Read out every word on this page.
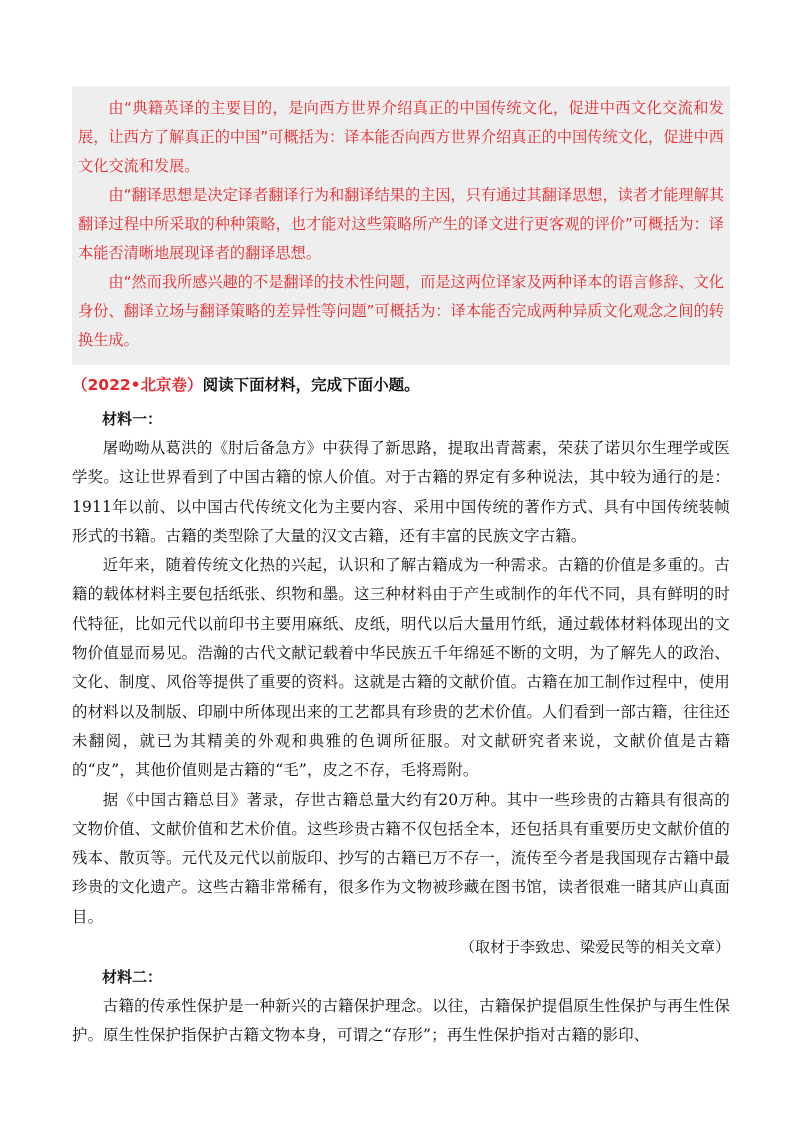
由“典籍英译的主要目的，是向西方世界介绍真正的中国传统文化，促进中西文化交流和发展，让西方了解真正的中国”可概括为：译本能否向西方世界介绍真正的中国传统文化，促进中西文化交流和发展。

由“翻译思想是决定译者翻译行为和翻译结果的主因，只有通过其翻译思想，读者才能理解其翻译过程中所采取的种种策略，也才能对这些策略所产生的译文进行更客观的评价”可概括为：译本能否清晰地展现译者的翻译思想。

由“然而我所感兴趣的不是翻译的技术性问题，而是这两位译家及两种译本的语言修辞、文化身份、翻译立场与翻译策略的差异性等问题”可概括为：译本能否完成两种异质文化观念之间的转换生成。

（2022•北京卷）阅读下面材料，完成下面小题。

材料一：

屠呦呦从葛洪的《肘后备急方》中获得了新思路，提取出青蒿素，荣获了诺贝尔生理学或医学奖。这让世界看到了中国古籍的惊人价值。对于古籍的界定有多种说法，其中较为通行的是：1911年以前、以中国古代传统文化为主要内容、采用中国传统的著作方式、具有中国传统装帧形式的书籍。古籍的类型除了大量的汉文古籍，还有丰富的民族文字古籍。

近年来，随着传统文化热的兴起，认识和了解古籍成为一种需求。古籍的价值是多重的。古籍的载体材料主要包括纸张、织物和墨。这三种材料由于产生或制作的年代不同，具有鲜明的时代特征，比如元代以前印书主要用麻纸、皮纸，明代以后大量用竹纸，通过载体材料体现出的文物价值显而易见。浩瀚的古代文献记载着中华民族五千年绵延不断的文明，为了解先人的政治、文化、制度、风俗等提供了重要的资料。这就是古籍的文献价值。古籍在加工制作过程中，使用的材料以及制版、印刷中所体现出来的工艺都具有珍贵的艺术价值。人们看到一部古籍，往往还未翻阅，就已为其精美的外观和典雅的色调所征服。对文献研究者来说，文献价值是古籍的“皮”，其他价值则是古籍的“毛”，皮之不存，毛将焉附。

据《中国古籍总目》著录，存世古籍总量大约有20万种。其中一些珍贵的古籍具有很高的文物价值、文献价值和艺术价值。这些珍贵古籍不仅包括全本，还包括具有重要历史文献价值的残本、散页等。元代及元代以前版印、抄写的古籍已万不存一，流传至今者是我国现存古籍中最珍贵的文化遗产。这些古籍非常稀有，很多作为文物被珍藏在图书馆，读者很难一睹其庐山真面目。

（取材于李致忠、梁爱民等的相关文章）

材料二：

古籍的传承性保护是一种新兴的古籍保护理念。以往，古籍保护提倡原生性保护与再生性保护。原生性保护指保护古籍文物本身，可谓之“存形”；再生性保护指对古籍的影印、
